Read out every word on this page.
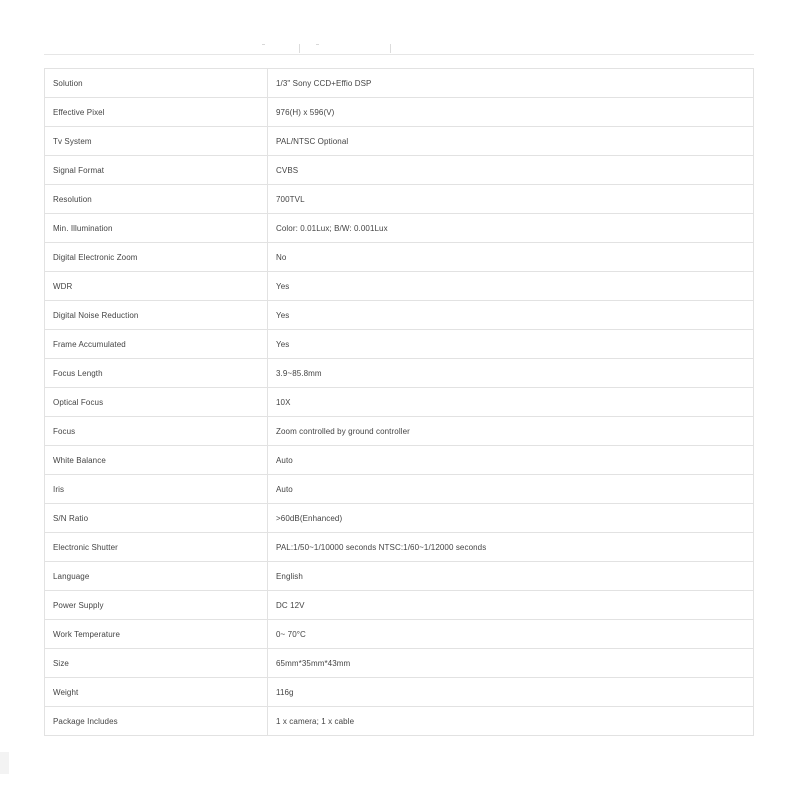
Solution	1/3" Sony CCD+Effio DSP
Effective Pixel	976(H) x 596(V)
Tv System	PAL/NTSC Optional
Signal Format	CVBS
Resolution	700TVL
Min. Illumination	Color: 0.01Lux; B/W: 0.001Lux
Digital Electronic Zoom	No
WDR	Yes
Digital Noise Reduction	Yes
Frame Accumulated	Yes
Focus Length	3.9~85.8mm
Optical Focus	10X
Focus	Zoom controlled by ground controller
White Balance	Auto
Iris	Auto
S/N Ratio	>60dB(Enhanced)
Electronic Shutter	PAL:1/50~1/10000 seconds NTSC:1/60~1/12000 seconds
Language	English
Power Supply	DC 12V
Work Temperature	0~ 70°C
Size	65mm*35mm*43mm
Weight	116g
Package Includes	1 x camera; 1 x cable
